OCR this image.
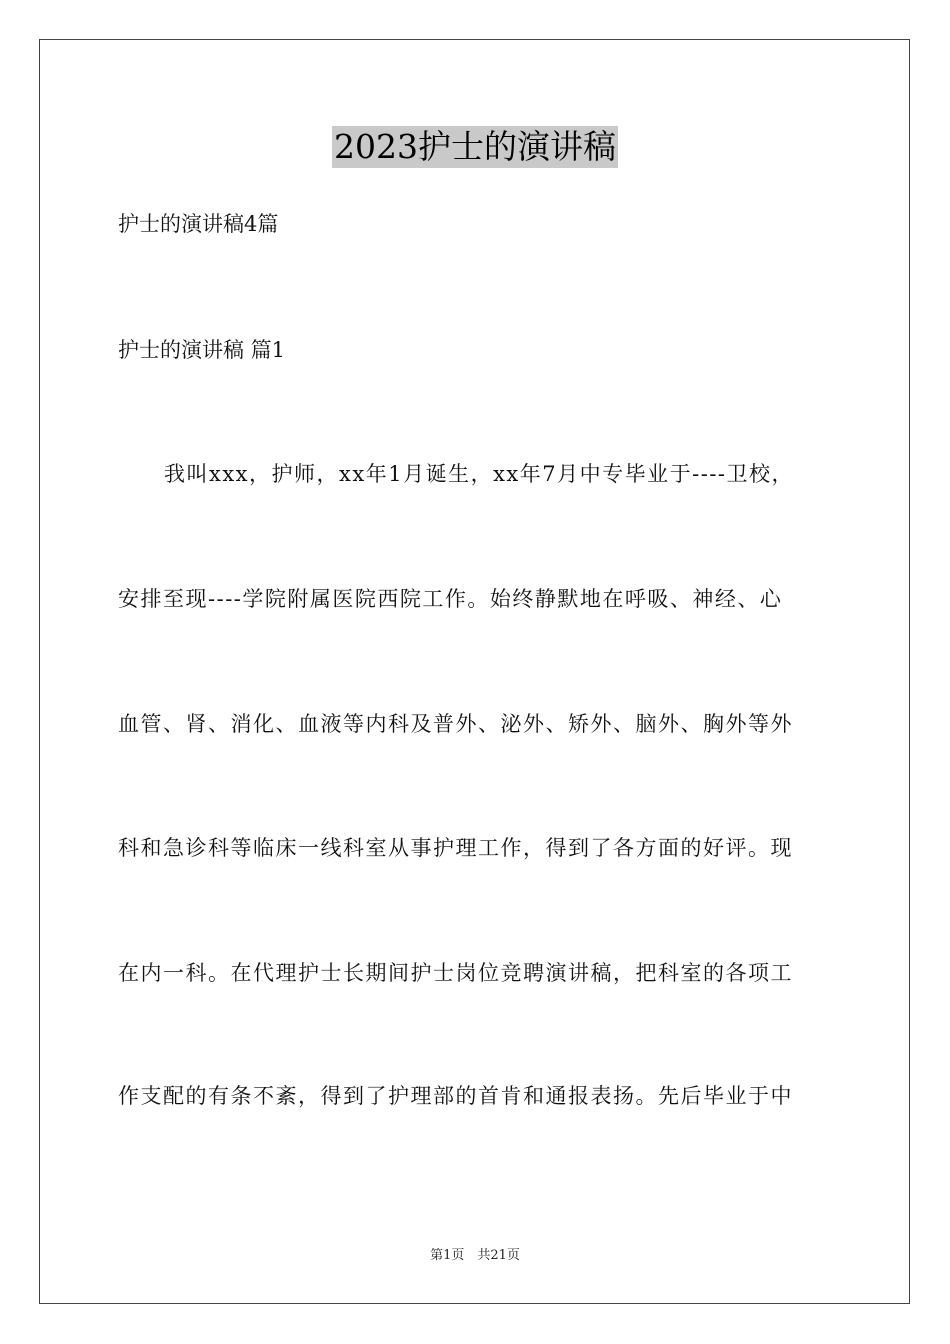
2023护士的演讲稿
护士的演讲稿4篇
护士的演讲稿 篇1
我叫xxx，护师，xx年1月诞生，xx年7月中专毕业于----卫校，
安排至现----学院附属医院西院工作。始终静默地在呼吸、神经、心
血管、肾、消化、血液等内科及普外、泌外、矫外、脑外、胸外等外
科和急诊科等临床一线科室从事护理工作，得到了各方面的好评。现
在内一科。在代理护士长期间护士岗位竞聘演讲稿，把科室的各项工
作支配的有条不紊，得到了护理部的首肯和通报表扬。先后毕业于中
第1页　共21页
